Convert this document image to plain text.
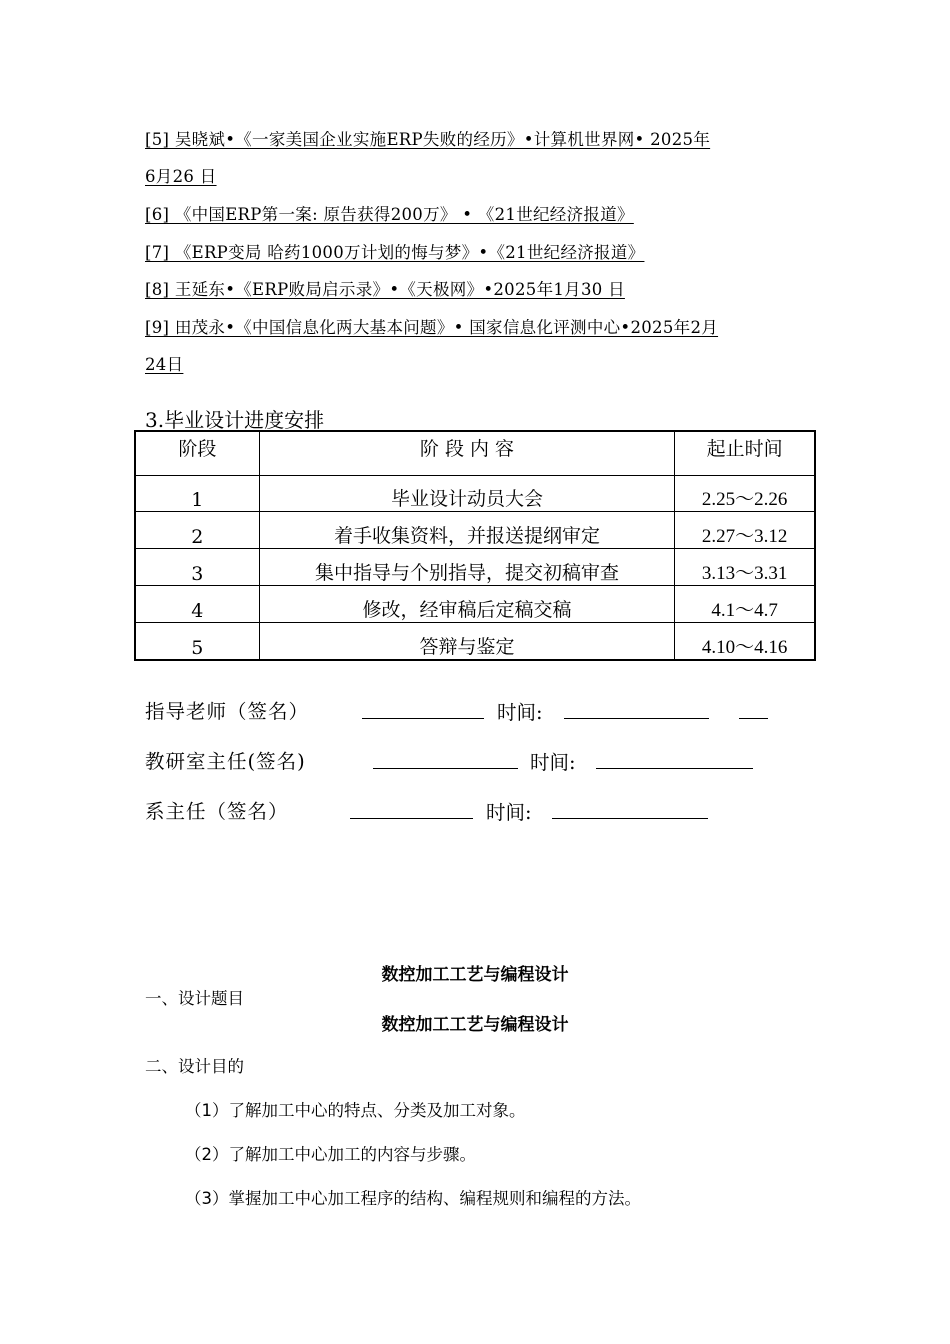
[5] 吴晓斌•《一家美国企业实施ERP失败的经历》•计算机世界网• 2025年
6月26 日
[6] 《中国ERP第一案: 原告获得200万》 • 《21世纪经济报道》
[7] 《ERP变局 哈药1000万计划的悔与梦》•《21世纪经济报道》
[8] 王延东•《ERP败局启示录》•《天极网》•2025年1月30 日
[9] 田茂永•《中国信息化两大基本问题》• 国家信息化评测中心•2025年2月
24日
3.毕业设计进度安排
阶段	阶 段 内 容	起止时间
1	毕业设计动员大会	2.25～2.26
2	着手收集资料，并报送提纲审定	2.27～3.12
3	集中指导与个别指导，提交初稿审查	3.13～3.31
4	修改，经审稿后定稿交稿	4.1～4.7
5	答辩与鉴定	4.10～4.16
指导老师（签名）	时间:
教研室主任(签名)	时间:
系主任（签名）	时间:
数控加工工艺与编程设计
一、设计题目
数控加工工艺与编程设计
二、设计目的
（1）了解加工中心的特点、分类及加工对象。
（2）了解加工中心加工的内容与步骤。
（3）掌握加工中心加工程序的结构、编程规则和编程的方法。
